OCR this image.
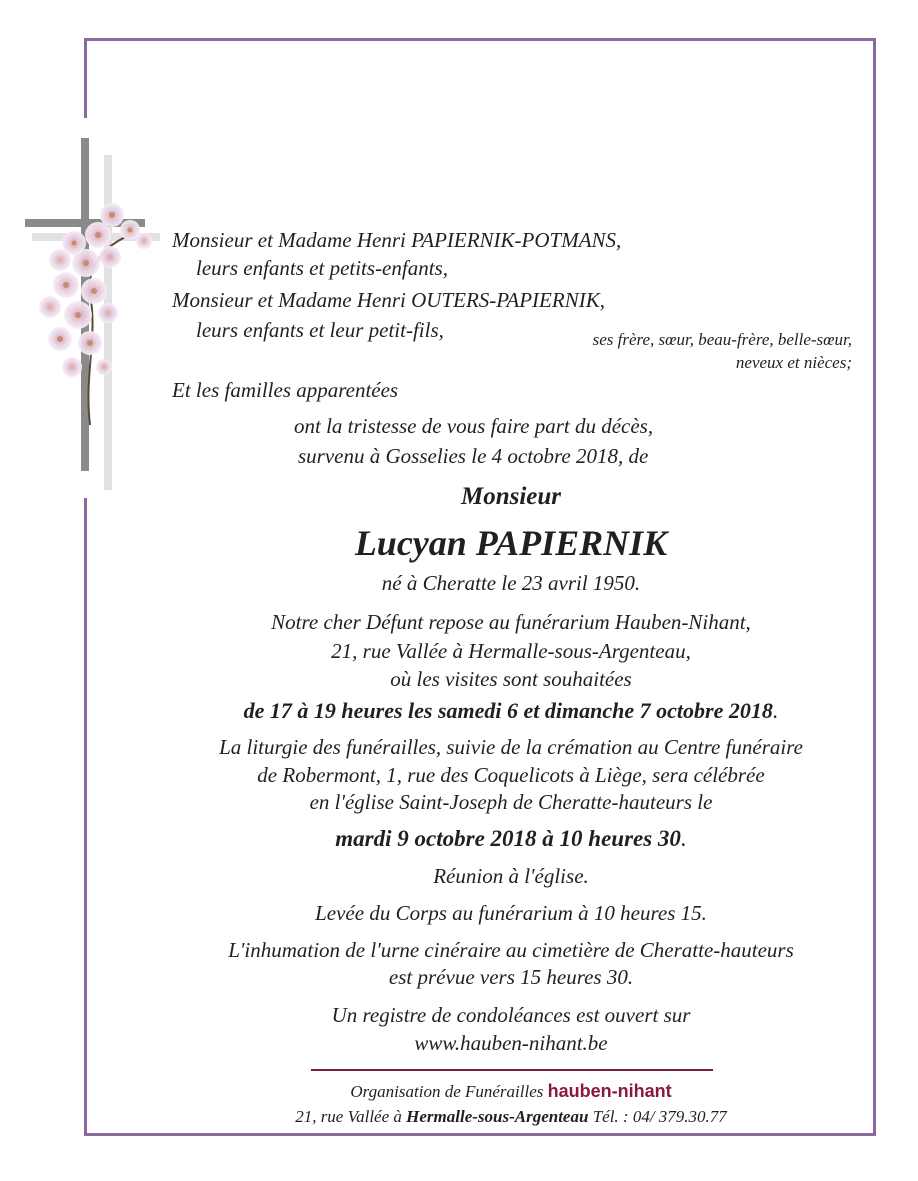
Monsieur et Madame Henri PAPIERNIK-POTMANS,
leurs enfants et petits-enfants,
Monsieur et Madame Henri OUTERS-PAPIERNIK,
leurs enfants et leur petit-fils,	ses frère, sœur, beau-frère, belle-sœur,
neveux et nièces;
Et les familles apparentées
ont la tristesse de vous faire part du décès,
survenu à Gosselies le 4 octobre 2018, de
Monsieur
Lucyan PAPIERNIK
né à Cheratte le 23 avril 1950.
Notre cher Défunt repose au funérarium Hauben-Nihant,
21, rue Vallée à Hermalle-sous-Argenteau,
où les visites sont souhaitées
de 17 à 19 heures les samedi 6 et dimanche 7 octobre 2018.
La liturgie des funérailles, suivie de la crémation au Centre funéraire
de Robermont, 1, rue des Coquelicots à Liège, sera célébrée
en l'église Saint-Joseph de Cheratte-hauteurs le
mardi 9 octobre 2018 à 10 heures 30.
Réunion à l'église.
Levée du Corps au funérarium à 10 heures 15.
L'inhumation de l'urne cinéraire au cimetière de Cheratte-hauteurs
est prévue vers 15 heures 30.
Un registre de condoléances est ouvert sur
www.hauben-nihant.be
Organisation de Funérailles hauben-nihant
21, rue Vallée à Hermalle-sous-Argenteau Tél. : 04/ 379.30.77
